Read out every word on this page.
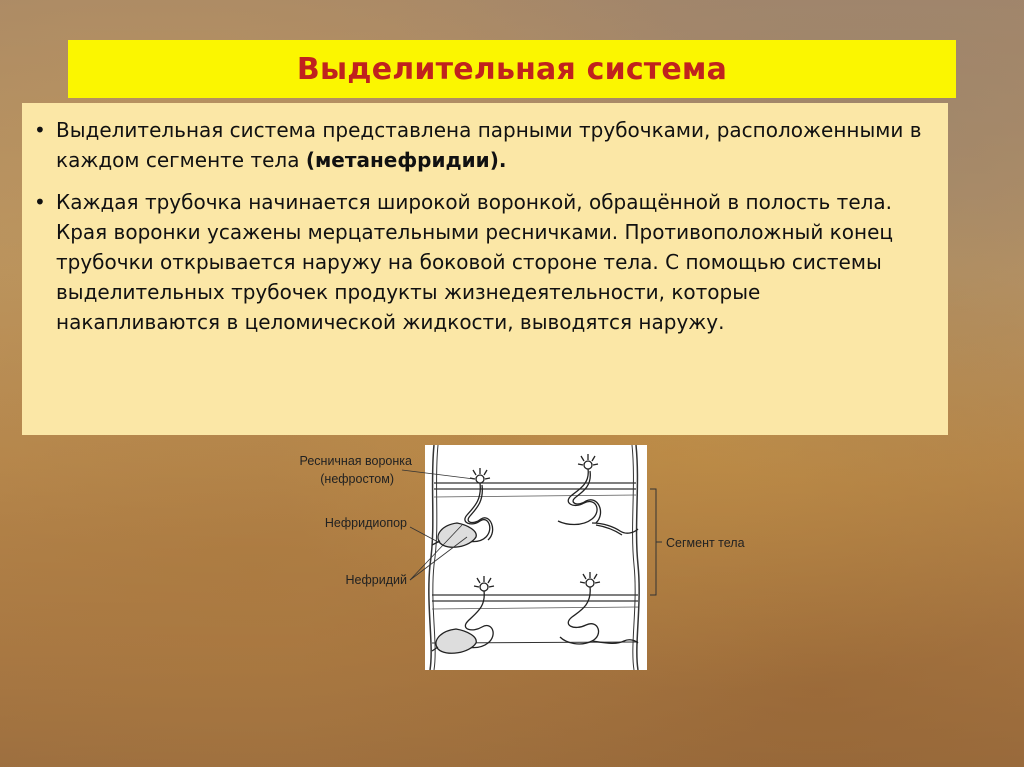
Выделительная система
• Выделительная система представлена парными трубочками, расположенными в каждом сегменте тела (метанефридии).
• Каждая трубочка начинается широкой воронкой, обращённой в полость тела. Края воронки усажены мерцательными ресничками. Противоположный конец трубочки открывается наружу на боковой стороне тела. С помощью системы выделительных трубочек продукты жизнедеятельности, которые накапливаются в целомической жидкости, выводятся наружу.
Ресничная воронка
(нефростом)
Нефридиопор
Нефридий
Сегмент тела
